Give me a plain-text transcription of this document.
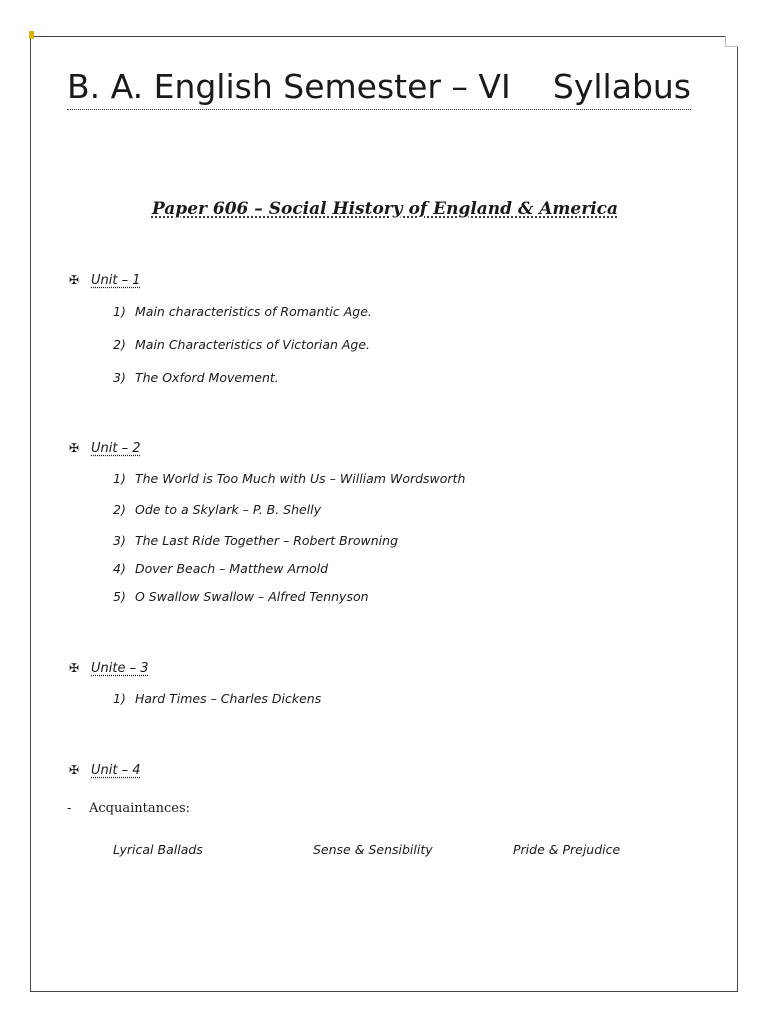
B. A. English Semester – VI Syllabus
Paper 606 – Social History of England & America
✠ Unit – 1
1) Main characteristics of Romantic Age.
2) Main Characteristics of Victorian Age.
3) The Oxford Movement.
✠ Unit – 2
1) The World is Too Much with Us – William Wordsworth
2) Ode to a Skylark – P. B. Shelly
3) The Last Ride Together – Robert Browning
4) Dover Beach – Matthew Arnold
5) O Swallow Swallow – Alfred Tennyson
✠ Unite – 3
1) Hard Times – Charles Dickens
✠ Unit – 4
- Acquaintances:
Lyrical Ballads	Sense & Sensibility	Pride & Prejudice
